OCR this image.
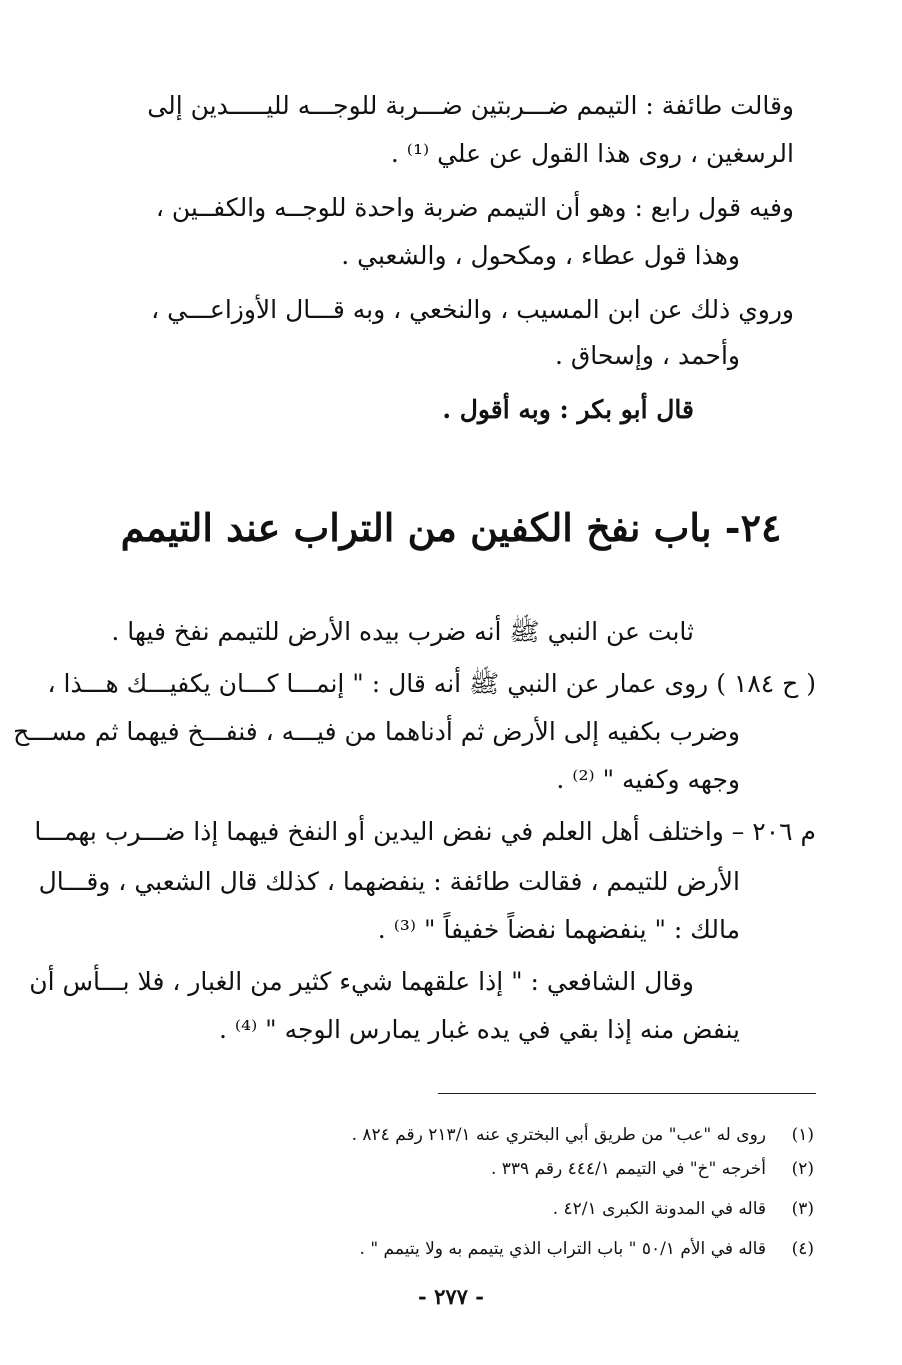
وقالت طائفة : التيمم ضـــربتين ضـــربة للوجـــه لليـــــدين إلى
الرسغين ، روى هذا القول عن علي ⁽¹⁾ .
وفيه قول رابع : وهو أن التيمم ضربة واحدة للوجــه والكفــين ،
وهذا قول عطاء ، ومكحول ، والشعبي .
وروي ذلك عن ابن المسيب ، والنخعي ، وبه قـــال الأوزاعـــي ،
وأحمد ، وإسحاق .
قال أبو بكر : وبه أقول .
٢٤- باب نفخ الكفين من التراب عند التيمم
ثابت عن النبي ﷺ أنه ضرب بيده الأرض للتيمم نفخ فيها .
( ح ١٨٤ ) روى عمار عن النبي ﷺ أنه قال : " إنمـــا كـــان يكفيـــك هـــذا ،
وضرب بكفيه إلى الأرض ثم أدناهما من فيـــه ، فنفـــخ فيهما ثم مســـح
وجهه وكفيه " ⁽²⁾ .
م ٢٠٦ – واختلف أهل العلم في نفض اليدين أو النفخ فيهما إذا ضـــرب بهمـــا
الأرض للتيمم ، فقالت طائفة : ينفضهما ، كذلك قال الشعبي ، وقـــال
مالك : " ينفضهما نفضاً خفيفاً " ⁽³⁾ .
وقال الشافعي : " إذا علقهما شيء كثير من الغبار ، فلا بـــأس أن
ينفض منه إذا بقي في يده غبار يمارس الوجه " ⁽⁴⁾ .
(١)روى له "عب" من طريق أبي البختري عنه ٢١٣/١ رقم ٨٢٤ .
(٢)أخرجه "خ" في التيمم ٤٤٤/١ رقم ٣٣٩ .
(٣)قاله في المدونة الكبرى ٤٢/١ .
(٤)قاله في الأم ٥٠/١ " باب التراب الذي يتيمم به ولا يتيمم " .
- ٢٧٧ -
